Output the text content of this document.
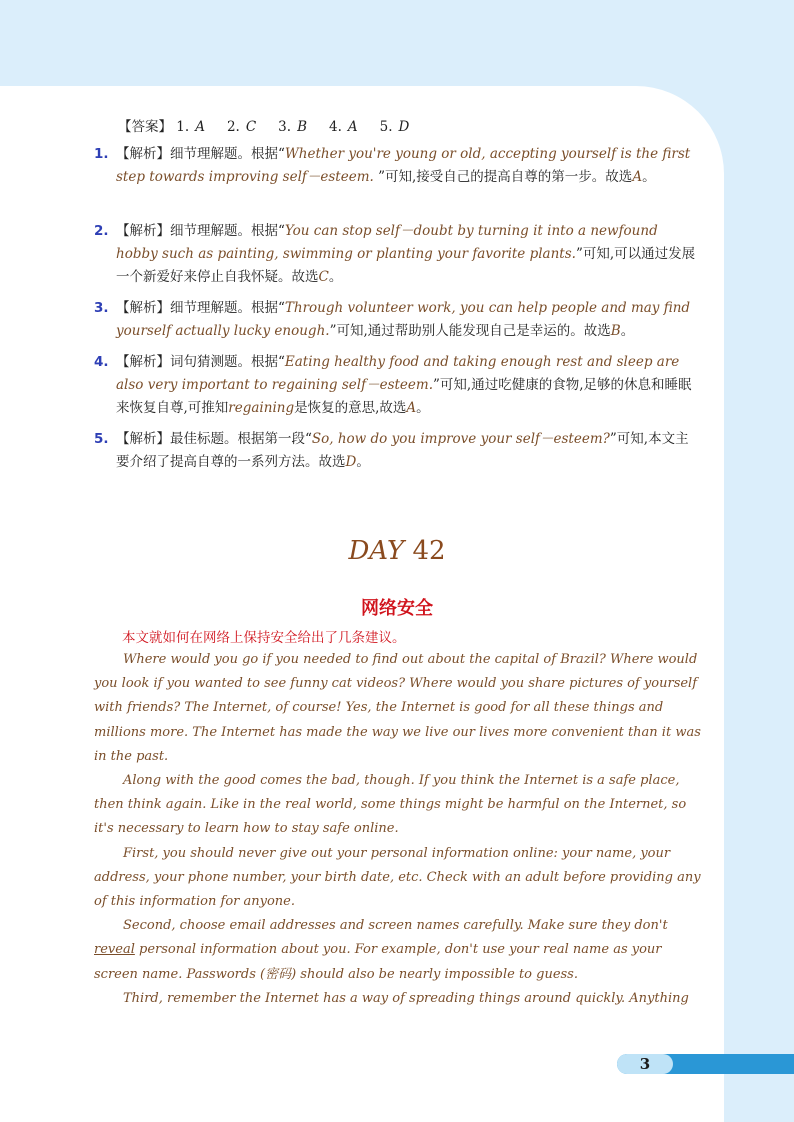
【答案】 1. A 2. C 3. B 4. A 5. D
1. 【解析】细节理解题。根据“Whether you're young or old, accepting yourself is the first step towards improving self－esteem. ”可知,接受自己的提高自尊的第一步。故选A。
2. 【解析】细节理解题。根据“You can stop self－doubt by turning it into a newfound hobby such as painting, swimming or planting your favorite plants.”可知,可以通过发展一个新爱好来停止自我怀疑。故选C。
3. 【解析】细节理解题。根据“Through volunteer work, you can help people and may find yourself actually lucky enough.”可知,通过帮助别人能发现自己是幸运的。故选B。
4. 【解析】词句猜测题。根据“Eating healthy food and taking enough rest and sleep are also very important to regaining self－esteem.”可知,通过吃健康的食物,足够的休息和睡眠来恢复自尊,可推知regaining是恢复的意思,故选A。
5. 【解析】最佳标题。根据第一段“So, how do you improve your self－esteem?”可知,本文主要介绍了提高自尊的一系列方法。故选D。
DAY 42
网络安全
本文就如何在网络上保持安全给出了几条建议。

Where would you go if you needed to find out about the capital of Brazil? Where would you look if you wanted to see funny cat videos? Where would you share pictures of yourself with friends? The Internet, of course! Yes, the Internet is good for all these things and millions more. The Internet has made the way we live our lives more convenient than it was in the past.

Along with the good comes the bad, though. If you think the Internet is a safe place, then think again. Like in the real world, some things might be harmful on the Internet, so it's necessary to learn how to stay safe online.

First, you should never give out your personal information online: your name, your address, your phone number, your birth date, etc. Check with an adult before providing any of this information for anyone.

Second, choose email addresses and screen names carefully. Make sure they don't reveal personal information about you. For example, don't use your real name as your screen name. Passwords (密码) should also be nearly impossible to guess.

Third, remember the Internet has a way of spreading things around quickly. Anything

3
